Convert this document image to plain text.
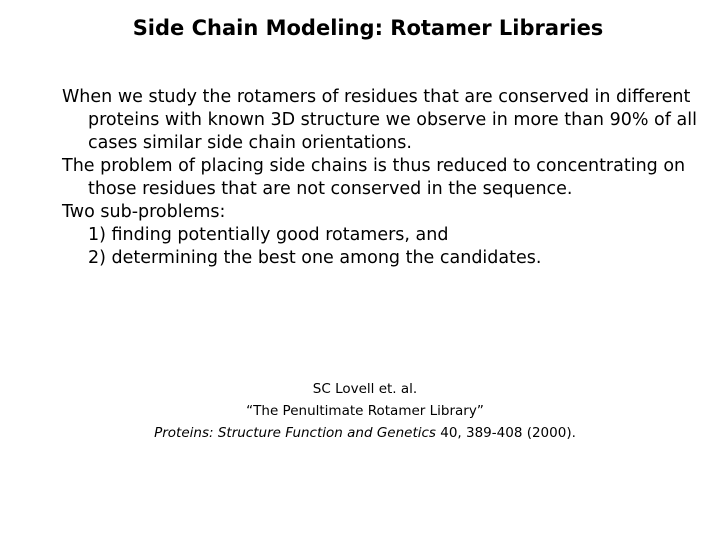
Side Chain Modeling: Rotamer Libraries

When we study the rotamers of residues that are conserved in different proteins with known 3D structure we observe in more than 90% of all cases similar side chain orientations.

The problem of placing side chains is thus reduced to concentrating on those residues that are not conserved in the sequence.

Two sub-problems:

1) finding potentially good rotamers, and

2) determining the best one among the candidates.

SC Lovell et. al.
“The Penultimate Rotamer Library”
Proteins: Structure Function and Genetics 40, 389-408 (2000).
